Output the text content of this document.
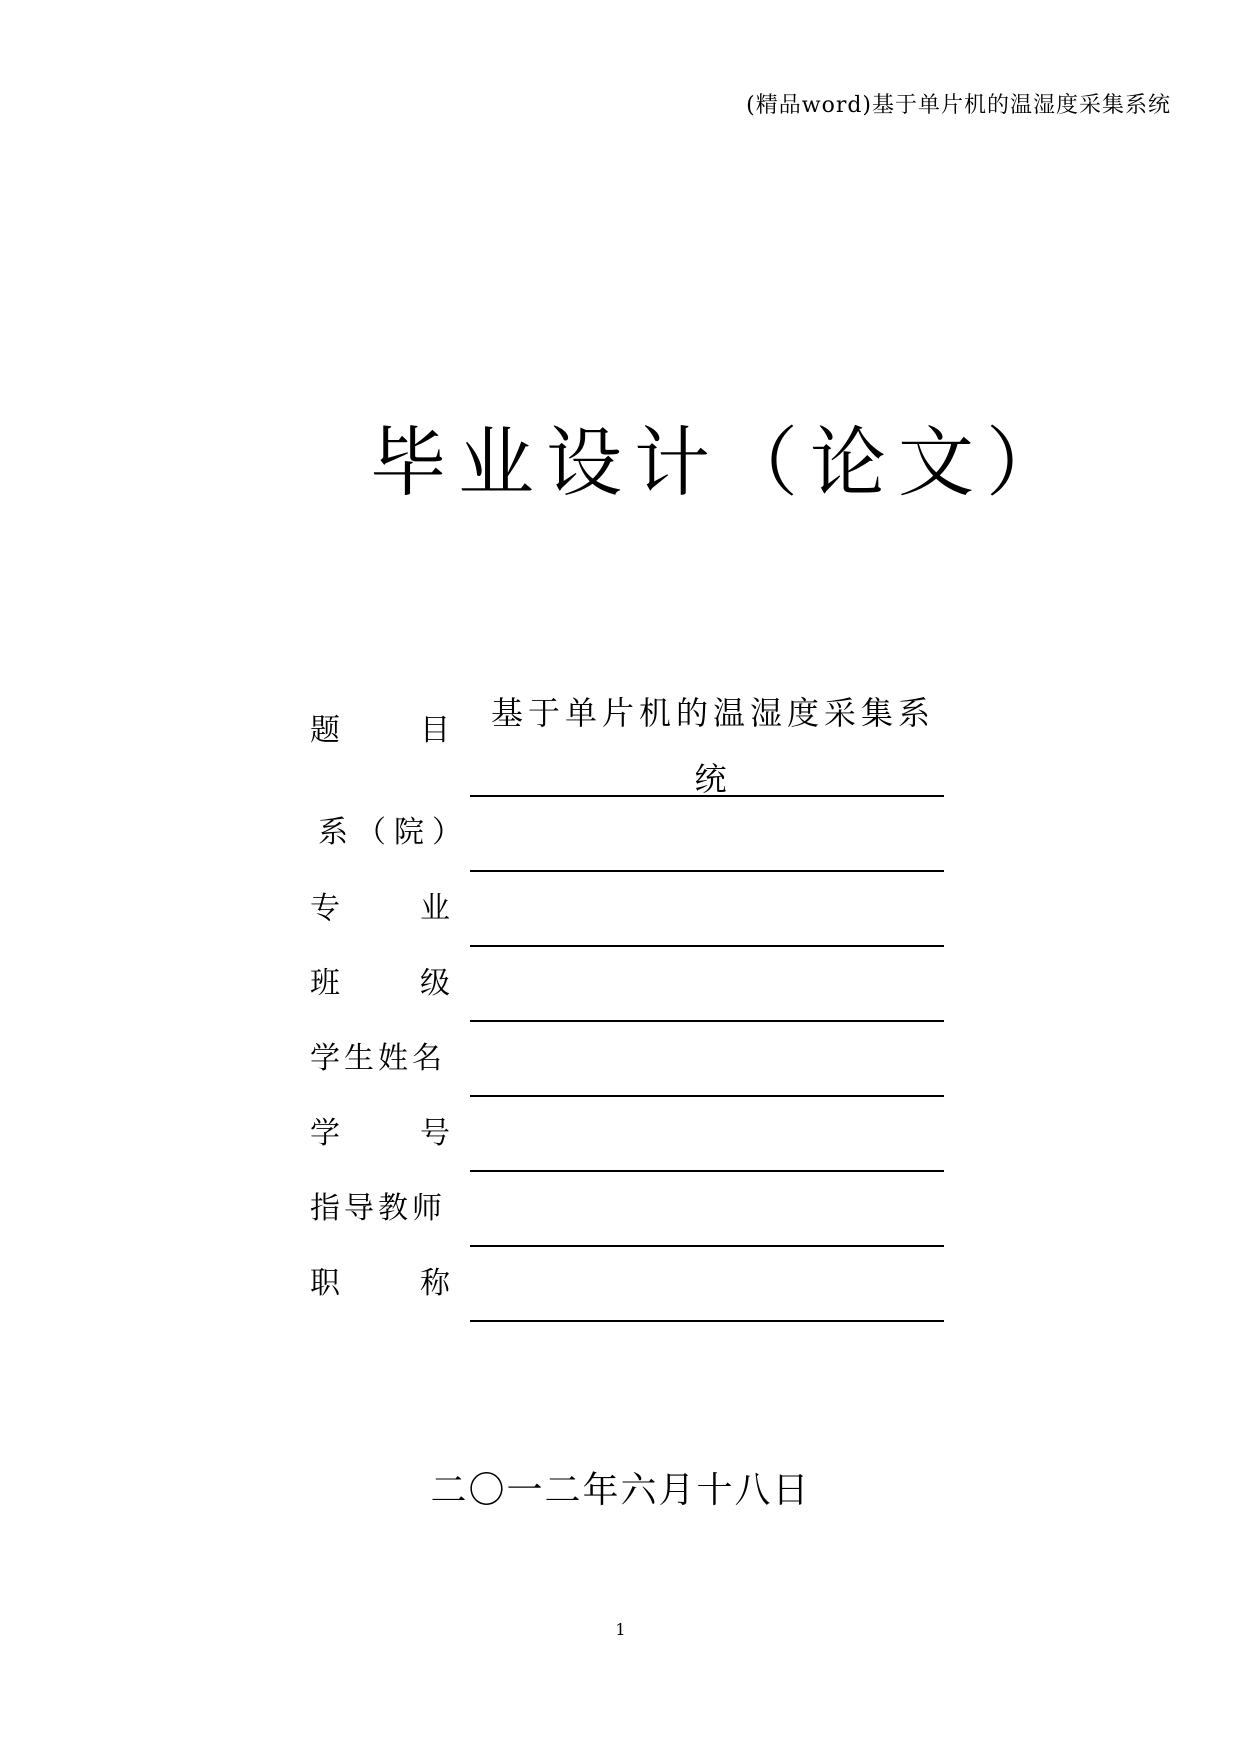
(精品word)基于单片机的温湿度采集系统
毕业设计（论文）
题	目	基于单片机的温湿度采集系
统
系（院）
专	业
班	级
学生姓名
学	号
指导教师
职	称
二〇一二年六月十八日
1
